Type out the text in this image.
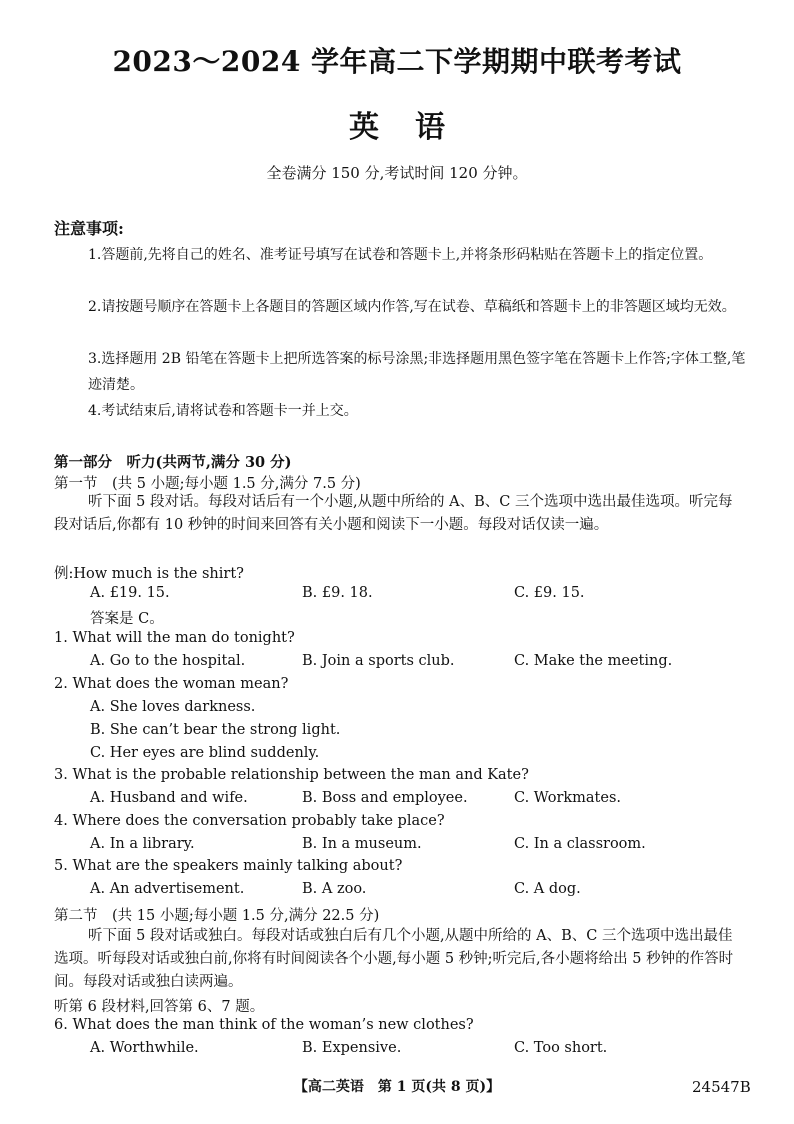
2023～2024 学年高二下学期期中联考考试
英语
全卷满分 150 分,考试时间 120 分钟。
注意事项:
1.答题前,先将自己的姓名、准考证号填写在试卷和答题卡上,并将条形码粘贴在答题卡上的指定位置。
2.请按题号顺序在答题卡上各题目的答题区域内作答,写在试卷、草稿纸和答题卡上的非答题区域均无效。
3.选择题用 2B 铅笔在答题卡上把所选答案的标号涂黑;非选择题用黑色签字笔在答题卡上作答;字体工整,笔迹清楚。
4.考试结束后,请将试卷和答题卡一并上交。
第一部分　听力(共两节,满分 30 分)
第一节　(共 5 小题;每小题 1.5 分,满分 7.5 分)
听下面 5 段对话。每段对话后有一个小题,从题中所给的 A、B、C 三个选项中选出最佳选项。听完每段对话后,你都有 10 秒钟的时间来回答有关小题和阅读下一小题。每段对话仅读一遍。
例:How much is the shirt?
A. £19. 15.	B. £9. 18.	C. £9. 15.
答案是 C。
1. What will the man do tonight?
A. Go to the hospital.	B. Join a sports club.	C. Make the meeting.
2. What does the woman mean?
A. She loves darkness.
B. She can’t bear the strong light.
C. Her eyes are blind suddenly.
3. What is the probable relationship between the man and Kate?
A. Husband and wife.	B. Boss and employee.	C. Workmates.
4. Where does the conversation probably take place?
A. In a library.	B. In a museum.	C. In a classroom.
5. What are the speakers mainly talking about?
A. An advertisement.	B. A zoo.	C. A dog.
第二节　(共 15 小题;每小题 1.5 分,满分 22.5 分)
听下面 5 段对话或独白。每段对话或独白后有几个小题,从题中所给的 A、B、C 三个选项中选出最佳选项。听每段对话或独白前,你将有时间阅读各个小题,每小题 5 秒钟;听完后,各小题将给出 5 秒钟的作答时间。每段对话或独白读两遍。
听第 6 段材料,回答第 6、7 题。
6. What does the man think of the woman’s new clothes?
A. Worthwhile.	B. Expensive.	C. Too short.
【高二英语　第 1 页(共 8 页)】	24547B
